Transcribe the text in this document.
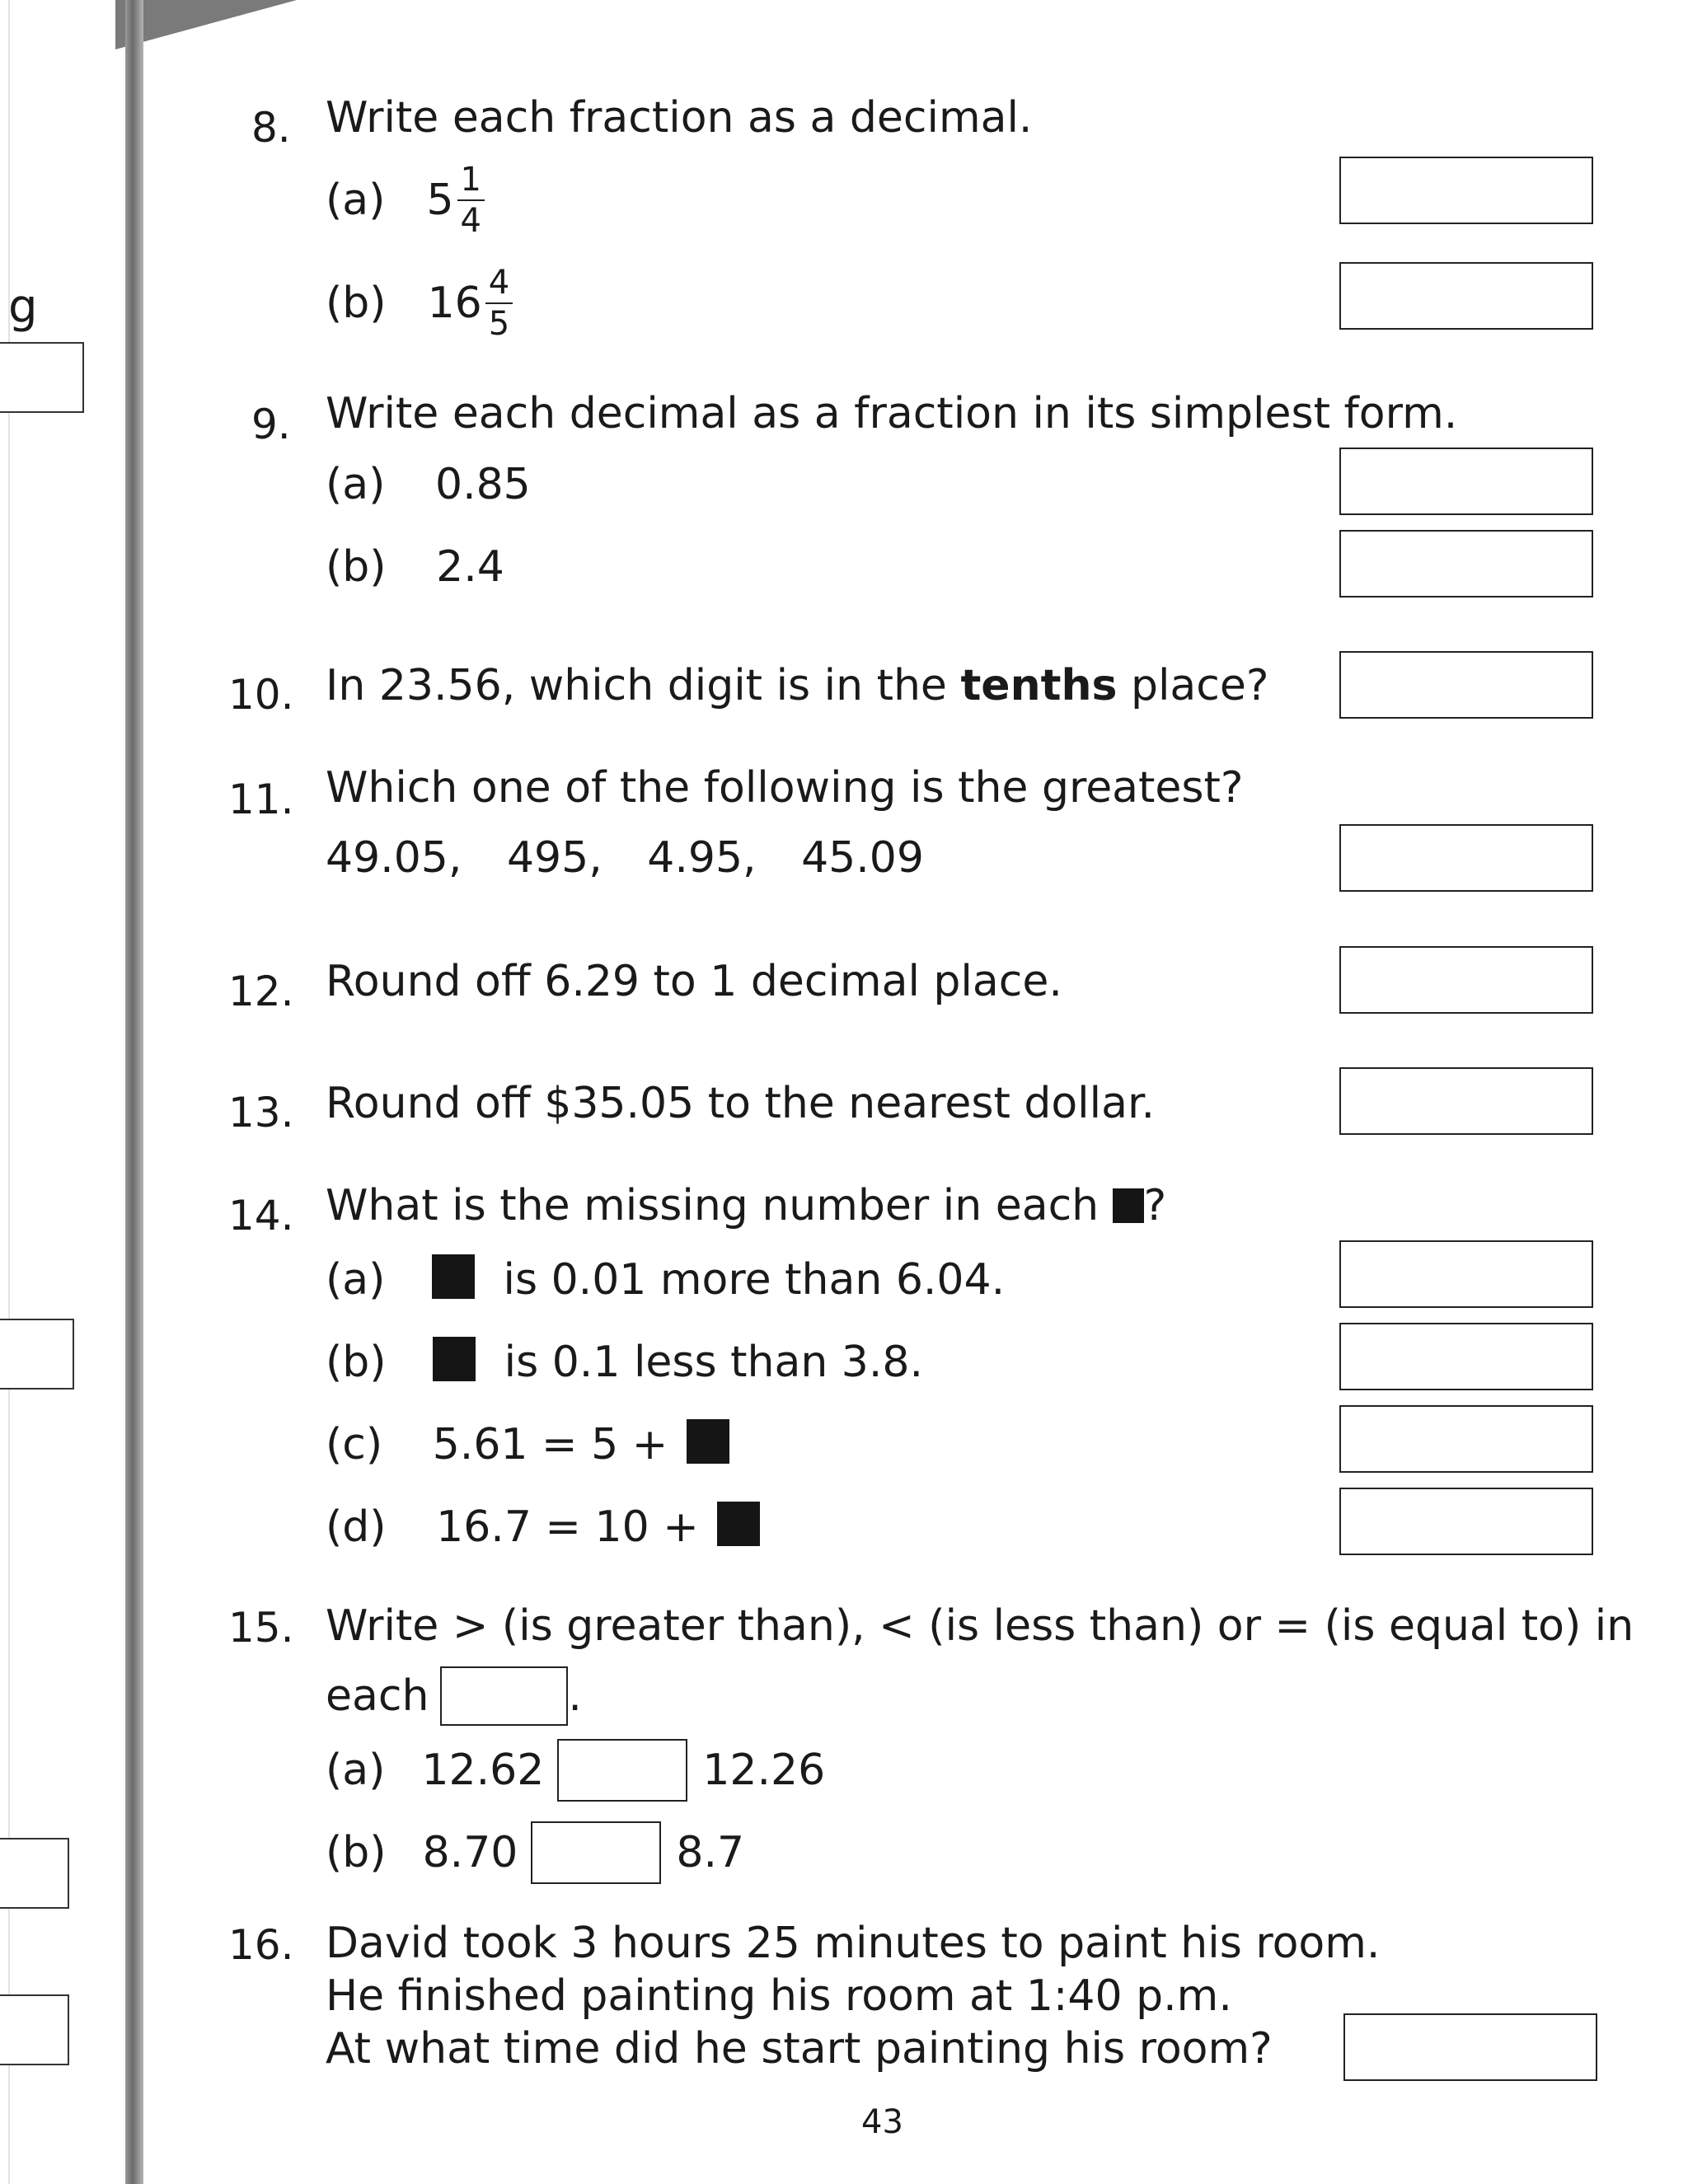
g
8. Write each fraction as a decimal.
(a) $5 \frac{1}{4}$
(b) $16 \frac{4}{5}$
9. Write each decimal as a fraction in its simplest form.
(a) 0.85
(b) 2.4
10. In 23.56, which digit is in the tenths place?
11. Which one of the following is the greatest?
49.05, 495, 4.95, 45.09
12. Round off 6.29 to 1 decimal place.
13. Round off $35.05 to the nearest dollar.
14. What is the missing number in each ?
(a)	is 0.01 more than 6.04.
(b)	is 0.1 less than 3.8.
(c) 5.61 = 5 +
(d) 16.7 = 10 +
15. Write > (is greater than), < (is less than) or = (is equal to) in
each	.
(a) 12.62	12.26
(b) 8.70	8.7
16. David took 3 hours 25 minutes to paint his room.
He finished painting his room at 1:40 p.m.
At what time did he start painting his room?
43
